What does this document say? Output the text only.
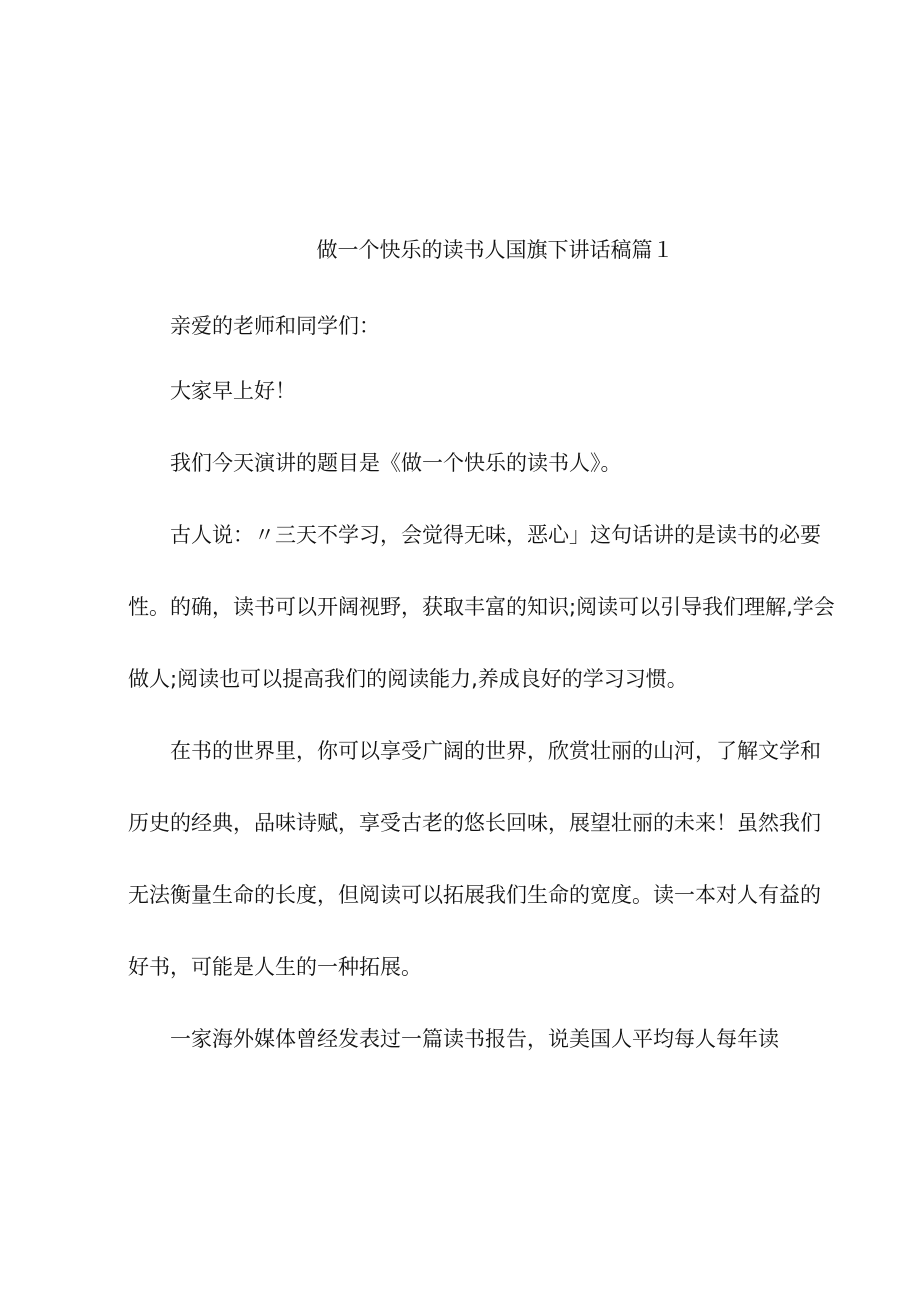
做一个快乐的读书人国旗下讲话稿篇１

亲爱的老师和同学们：

大家早上好！

我们今天演讲的题目是《做一个快乐的读书人》。

古人说：〃三天不学习，会觉得无味，恶心」这句话讲的是读书的必要
性。的确，读书可以开阔视野，获取丰富的知识;阅读可以引导我们理解,学会
做人;阅读也可以提高我们的阅读能力,养成良好的学习习惯。
在书的世界里，你可以享受广阔的世界，欣赏壮丽的山河，了解文学和
历史的经典，品味诗赋，享受古老的悠长回味，展望壮丽的未来！虽然我们
无法衡量生命的长度，但阅读可以拓展我们生命的宽度。读一本对人有益的
好书，可能是人生的一种拓展。

一家海外媒体曾经发表过一篇读书报告，说美国人平均每人每年读
